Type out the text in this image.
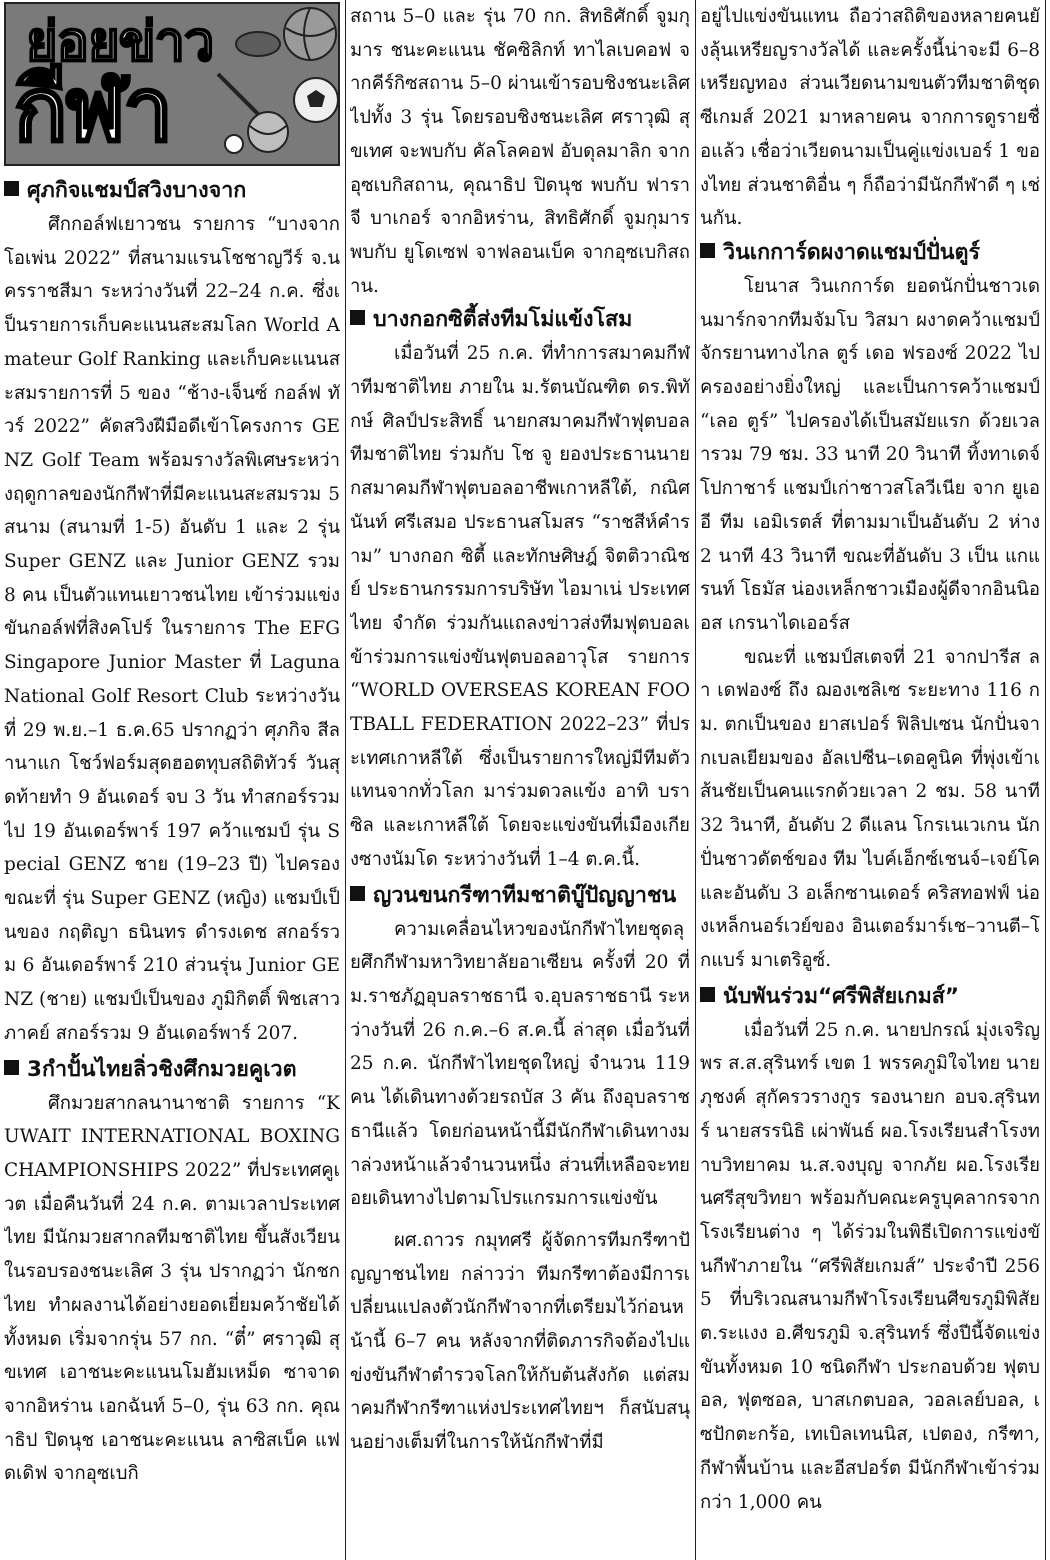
ย่อยข่าว
กีฬา
ศุภกิจแชมป์สวิงบางจาก

ศึกกอล์ฟเยาวชน รายการ “บางจาก โอเพ่น 2022” ที่สนามแรนโชชาญวีร์ จ.นครราชสีมา ระหว่างวันที่ 22–24 ก.ค. ซึ่งเป็นรายการเก็บคะแนนสะสมโลก World Amateur Golf Ranking และเก็บคะแนนสะสมรายการที่ 5 ของ “ช้าง-เจ็นซ์ กอล์ฟ ทัวร์ 2022” คัดสวิงฝีมือดีเข้าโครงการ GENZ Golf Team พร้อมรางวัลพิเศษระหว่างฤดูกาลของนักกีฬาที่มีคะแนนสะสมรวม 5 สนาม (สนามที่ 1-5) อันดับ 1 และ 2 รุ่น Super GENZ และ Junior GENZ รวม 8 คน เป็นตัวแทนเยาวชนไทย เข้าร่วมแข่งขันกอล์ฟที่สิงคโปร์ ในรายการ The EFG Singapore Junior Master ที่ Laguna National Golf Resort Club ระหว่างวันที่ 29 พ.ย.–1 ธ.ค.65 ปรากฏว่า ศุภกิจ สีลานาแก โชว์ฟอร์มสุดฮอตทุบสถิติทัวร์ วันสุดท้ายทำ 9 อันเดอร์ จบ 3 วัน ทำสกอร์รวมไป 19 อันเดอร์พาร์ 197 คว้าแชมป์ รุ่น Special GENZ ชาย (19–23 ปี) ไปครอง ขณะที่ รุ่น Super GENZ (หญิง) แชมป์เป็นของ กฤติญา ธนินทร ดำรงเดช สกอร์รวม 6 อันเดอร์พาร์ 210 ส่วนรุ่น Junior GENZ (ชาย) แชมป์เป็นของ ภูมิกิตติ์ พิชเสาวภาคย์ สกอร์รวม 9 อันเดอร์พาร์ 207.

3กำปั้นไทยลิ่วชิงศึกมวยคูเวต

ศึกมวยสากลนานาชาติ รายการ “KUWAIT INTERNATIONAL BOXING CHAMPIONSHIPS 2022” ที่ประเทศคูเวต เมื่อคืนวันที่ 24 ก.ค. ตามเวลาประเทศไทย มีนักมวยสากลทีมชาติไทย ขึ้นสังเวียนในรอบรองชนะเลิศ 3 รุ่น ปรากฏว่า นักชกไทย ทำผลงานได้อย่างยอดเยี่ยมคว้าชัยได้ทั้งหมด เริ่มจากรุ่น 57 กก. “ตี๋” ศราวุฒิ สุขเทศ เอาชนะคะแนนโมฮัมเหม็ด ซาจาด จากอิหร่าน เอกฉันท์ 5–0, รุ่น 63 กก. คุณาธิป ปิดนุช เอาชนะคะแนน ลาซิสเบ็ค แฟดเดิฟ จากอุซเบกิ

สถาน 5–0 และ รุ่น 70 กก. สิทธิศักดิ์ จูมกุมาร ชนะคะแนน ชัคซิลิกท์ ทาไลเบคอฟ จากคีร์กิซสถาน 5–0 ผ่านเข้ารอบชิงชนะเลิศไปทั้ง 3 รุ่น โดยรอบชิงชนะเลิศ ศราวุฒิ สุขเทศ จะพบกับ คัลโลคอฟ อับดุลมาลิก จากอุซเบกิสถาน, คุณาธิป ปิดนุช พบกับ ฟาราจี บาเกอร์ จากอิหร่าน, สิทธิศักดิ์ จูมกุมาร พบกับ ยูโดเซฟ จาฟลอนเบ็ค จากอุซเบกิสถาน.

บางกอกซิตี้ส่งทีมโม่แข้งโสม

เมื่อวันที่ 25 ก.ค. ที่ทำการสมาคมกีฬาทีมชาติไทย ภายใน ม.รัตนบัณฑิต ดร.พิทักษ์ ศิลป์ประสิทธิ์ นายกสมาคมกีฬาฟุตบอลทีมชาติไทย ร่วมกับ โช จู ยองประธานนายกสมาคมกีฬาฟุตบอลอาชีพเกาหลีใต้, กณิศนันท์ ศรีเสมอ ประธานสโมสร “ราชสีห์คำราม” บางกอก ซิตี้ และทักษศิษฎ์ จิตติวาณิชย์ ประธานกรรมการบริษัท ไอมาเน่ ประเทศไทย จำกัด ร่วมกันแถลงข่าวส่งทีมฟุตบอลเข้าร่วมการแข่งขันฟุตบอลอาวุโส รายการ “WORLD OVERSEAS KOREAN FOOTBALL FEDERATION 2022–23” ที่ประเทศเกาหลีใต้ ซึ่งเป็นรายการใหญ่มีทีมตัวแทนจากทั่วโลก มาร่วมดวลแข้ง อาทิ บราซิล และเกาหลีใต้ โดยจะแข่งขันที่เมืองเกียงซางนัมโด ระหว่างวันที่ 1–4 ต.ค.นี้.

ญวนขนกรีฑาทีมชาติบู๊ปัญญาชน

ความเคลื่อนไหวของนักกีฬาไทยชุดลุยศึกกีฬามหาวิทยาลัยอาเซียน ครั้งที่ 20 ที่ ม.ราชภัฏอุบลราชธานี จ.อุบลราชธานี ระหว่างวันที่ 26 ก.ค.–6 ส.ค.นี้ ล่าสุด เมื่อวันที่ 25 ก.ค. นักกีฬาไทยชุดใหญ่ จำนวน 119 คน ได้เดินทางด้วยรถบัส 3 คัน ถึงอุบลราชธานีแล้ว โดยก่อนหน้านี้มีนักกีฬาเดินทางมาล่วงหน้าแล้วจำนวนหนึ่ง ส่วนที่เหลือจะทยอยเดินทางไปตามโปรแกรมการแข่งขัน

ผศ.ถาวร กมุทศรี ผู้จัดการทีมกรีฑาปัญญาชนไทย กล่าวว่า ทีมกรีฑาต้องมีการเปลี่ยนแปลงตัวนักกีฬาจากที่เตรียมไว้ก่อนหน้านี้ 6–7 คน หลังจากที่ติดภารกิจต้องไปแข่งขันกีฬาตำรวจโลกให้กับต้นสังกัด แต่สมาคมกีฬากรีฑาแห่งประเทศไทยฯ ก็สนับสนุนอย่างเต็มที่ในการให้นักกีฬาที่มี

อยู่ไปแข่งขันแทน ถือว่าสถิติของหลายคนยังลุ้นเหรียญรางวัลได้ และครั้งนี้น่าจะมี 6–8 เหรียญทอง ส่วนเวียดนามขนตัวทีมชาติชุดซีเกมส์ 2021 มาหลายคน จากการดูรายชื่อแล้ว เชื่อว่าเวียดนามเป็นคู่แข่งเบอร์ 1 ของไทย ส่วนชาติอื่น ๆ ก็ถือว่ามีนักกีฬาดี ๆ เช่นกัน.

วินเกการ์ดผงาดแชมป์ปั่นตูร์

โยนาส วินเกการ์ด ยอดนักปั่นชาวเดนมาร์กจากทีมจัมโบ วิสมา ผงาดคว้าแชมป์จักรยานทางไกล ตูร์ เดอ ฟรองซ์ 2022 ไปครองอย่างยิ่งใหญ่ และเป็นการคว้าแชมป์ “เลอ ตูร์” ไปครองได้เป็นสมัยแรก ด้วยเวลารวม 79 ชม. 33 นาที 20 วินาที ทิ้งทาเดจ์ โปกาชาร์ แชมป์เก่าชาวสโลวีเนีย จาก ยูเออี ทีม เอมิเรตส์ ที่ตามมาเป็นอันดับ 2 ห่าง 2 นาที 43 วินาที ขณะที่อันดับ 3 เป็น แกแรนท์ โธมัส น่องเหล็กชาวเมืองผู้ดีจากอินนิออส เกรนาไดเออร์ส

ขณะที่ แชมป์สเตจที่ 21 จากปารีส ลา เดฟองซ์ ถึง ฌองเซลิเซ ระยะทาง 116 กม. ตกเป็นของ ยาสเปอร์ ฟิลิปเซน นักปั่นจากเบลเยียมของ อัลเปซีน–เดอคูนิค ที่พุ่งเข้าเส้นชัยเป็นคนแรกด้วยเวลา 2 ชม. 58 นาที 32 วินาที, อันดับ 2 ดีแลน โกรเนเวเกน นักปั่นชาวดัตช์ของ ทีม ไบค์เอ็กซ์เชนจ์–เจย์โค และอันดับ 3 อเล็กซานเดอร์ คริสทอฟฟ์ น่องเหล็กนอร์เวย์ของ อินเตอร์มาร์เช–วานตี–โกแบร์ มาเตริอูซ์.

นับพันร่วม“ศรีพิสัยเกมส์”

เมื่อวันที่ 25 ก.ค. นายปกรณ์ มุ่งเจริญพร ส.ส.สุรินทร์ เขต 1 พรรคภูมิใจไทย นายภุชงค์ สุกัครวรางกูร รองนายก อบจ.สุรินทร์ นายสรรนิธิ เผ่าพันธ์ ผอ.โรงเรียนสำโรงทาบวิทยาคม น.ส.จงบุญ จากภัย ผอ.โรงเรียนศรีสุขวิทยา พร้อมกับคณะครูบุคลากรจากโรงเรียนต่าง ๆ ได้ร่วมในพิธีเปิดการแข่งขันกีฬาภายใน “ศรีพิสัยเกมส์” ประจำปี 2565 ที่บริเวณสนามกีฬาโรงเรียนศีขรภูมิพิสัย ต.ระแงง อ.ศีขรภูมิ จ.สุรินทร์ ซึ่งปีนี้จัดแข่งขันทั้งหมด 10 ชนิดกีฬา ประกอบด้วย ฟุตบอล, ฟุตซอล, บาสเกตบอล, วอลเลย์บอล, เซปักตะกร้อ, เทเบิลเทนนิส, เปตอง, กรีฑา, กีฬาพื้นบ้าน และอีสปอร์ต มีนักกีฬาเข้าร่วมกว่า 1,000 คน
